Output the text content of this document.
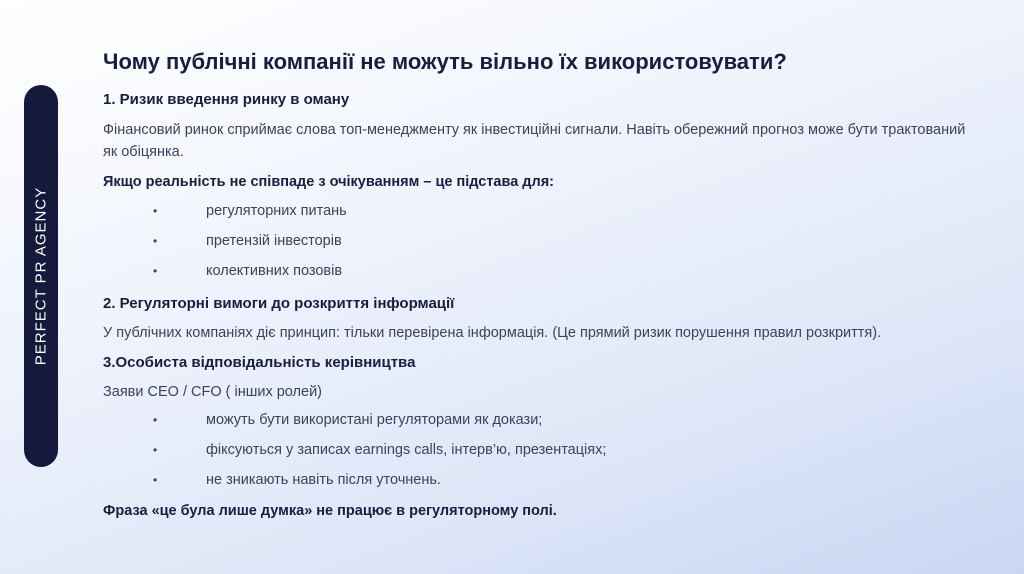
PERFECT PR AGENCY
Чому публічні компанії не можуть вільно їх використовувати?

1. Ризик введення ринку в оману

Фінансовий ринок сприймає слова топ-менеджменту як інвестиційні сигнали. Навіть обережний прогноз може бути трактований як обіцянка.

Якщо реальність не співпаде з очікуванням – це підстава для:

•	регуляторних питань
•	претензій інвесторів
•	колективних позовів

2. Регуляторні вимоги до розкриття інформації

У публічних компаніях діє принцип: тільки перевірена інформація. (Це прямий ризик порушення правил розкриття).

3.Особиста відповідальність керівництва

Заяви CEO / CFO ( інших ролей)

•	можуть бути використані регуляторами як докази;
•	фіксуються у записах earnings calls, інтерв’ю, презентаціях;
•	не зникають навіть після уточнень.

Фраза «це була лише думка» не працює в регуляторному полі.
